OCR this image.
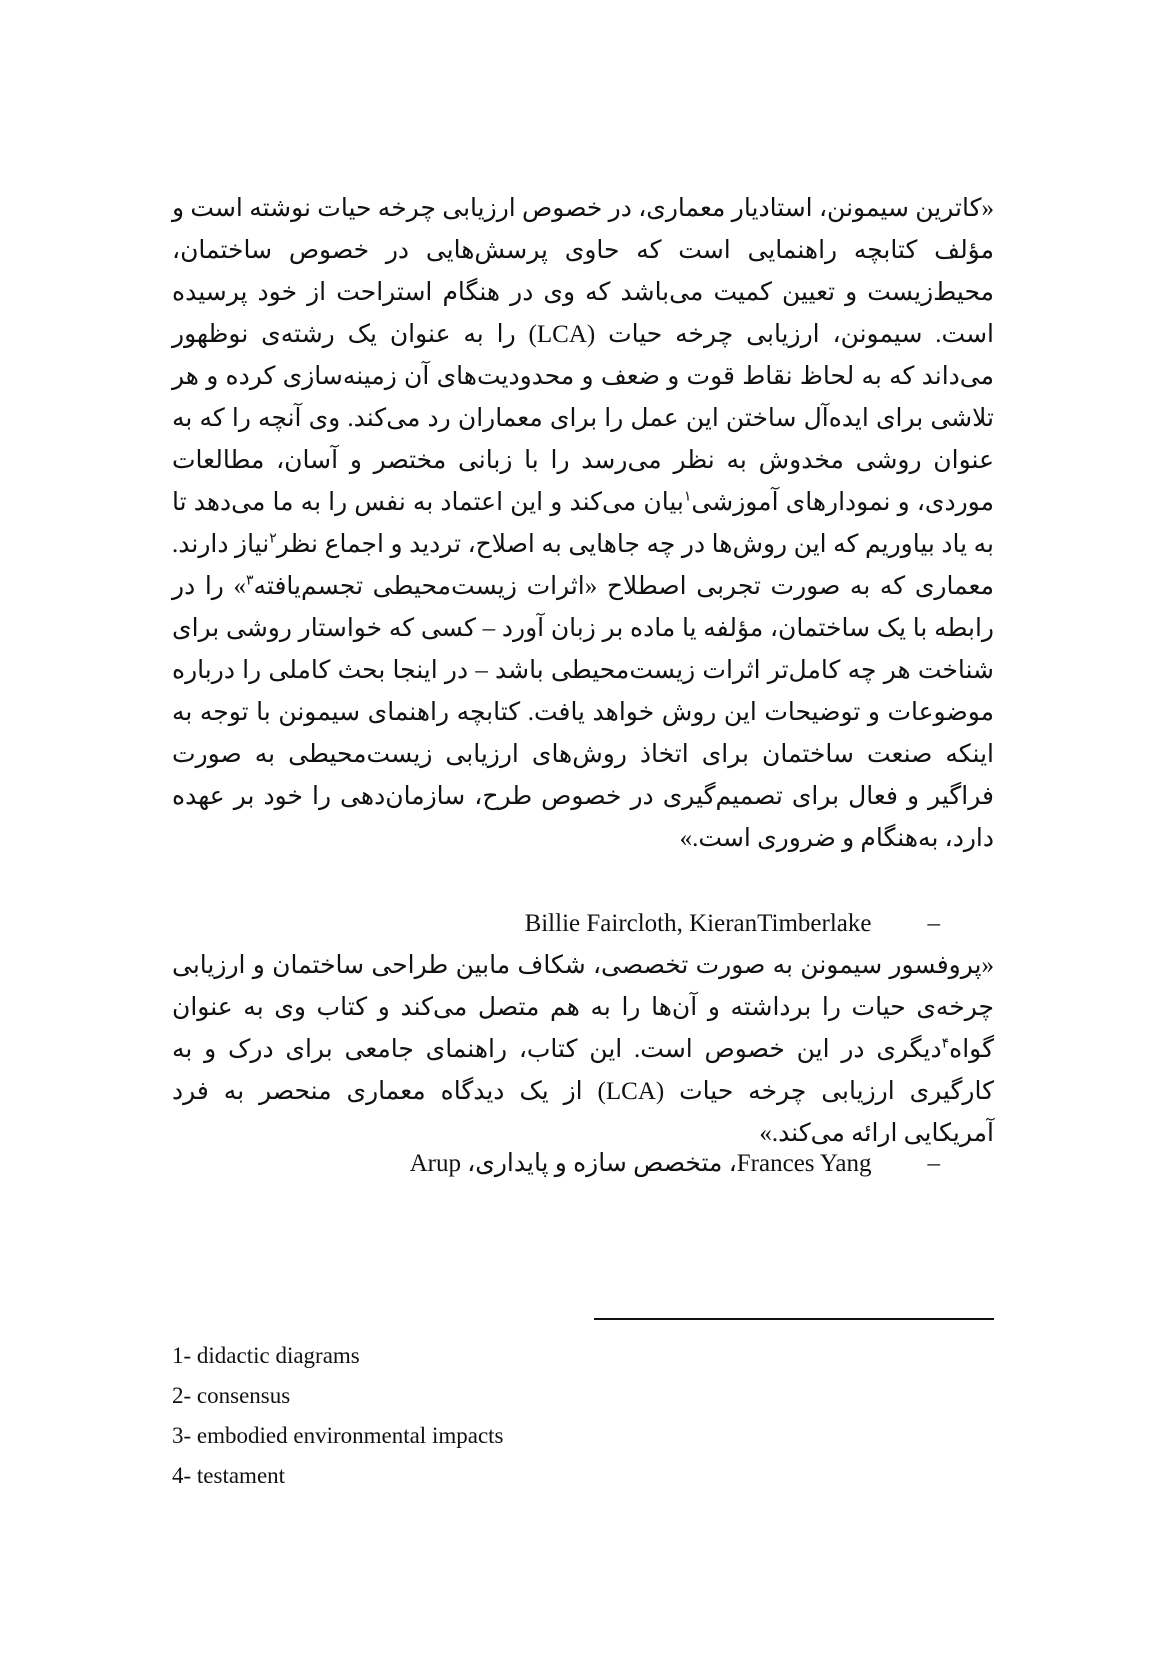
«کاترین سیمونن، استادیار معماری، در خصوص ارزیابی چرخه حیات نوشته است و مؤلف کتابچه راهنمایی است که حاوی پرسش‌هایی در خصوص ساختمان، محیط‌زیست و تعیین کمیت می‌باشد که وی در هنگام استراحت از خود پرسیده است. سیمونن، ارزیابی چرخه حیات (LCA) را به عنوان یک رشته‌ی نوظهور می‌داند که به لحاظ نقاط قوت و ضعف و محدودیت‌های آن زمینه‌سازی کرده و هر تلاشی برای ایده‌آل ساختن این عمل را برای معماران رد می‌کند. وی آنچه را که به عنوان روشی مخدوش به نظر می‌رسد را با زبانی مختصر و آسان، مطالعات موردی، و نمودارهای آموزشی$^۱$بیان می‌کند و این اعتماد به نفس را به ما می‌دهد تا به یاد بیاوریم که این روش‌ها در چه جاهایی به اصلاح، تردید و اجماع نظر$^۲$نیاز دارند. معماری که به صورت تجربی اصطلاح «اثرات زیست‌محیطی تجسم‌یافته$^۳$» را در رابطه با یک ساختمان، مؤلفه یا ماده بر زبان آورد – کسی که خواستار روشی برای شناخت هر چه کامل‌تر اثرات زیست‌محیطی باشد – در اینجا بحث کاملی را درباره موضوعات و توضیحات این روش خواهد یافت. کتابچه راهنمای سیمونن با توجه به اینکه صنعت ساختمان برای اتخاذ روش‌های ارزیابی زیست‌محیطی به صورت فراگیر و فعال برای تصمیم‌گیری در خصوص طرح، سازمان‌دهی را خود بر عهده دارد، به‌هنگام و ضروری است.»

–
Billie Faircloth, KieranTimberlake

«پروفسور سیمونن به صورت تخصصی، شکاف مابین طراحی ساختمان و ارزیابی چرخه‌ی حیات را برداشته و آن‌ها را به هم متصل می‌کند و کتاب وی به عنوان گواه$^۴$دیگری در این خصوص است. این کتاب، راهنمای جامعی برای درک و به کارگیری ارزیابی چرخه حیات (LCA) از یک دیدگاه معماری منحصر به فرد آمریکایی ارائه می‌کند.»

–
Frances Yang، متخصص سازه و پایداری، Arup
1- didactic diagrams
2- consensus
3- embodied environmental impacts
4- testament
